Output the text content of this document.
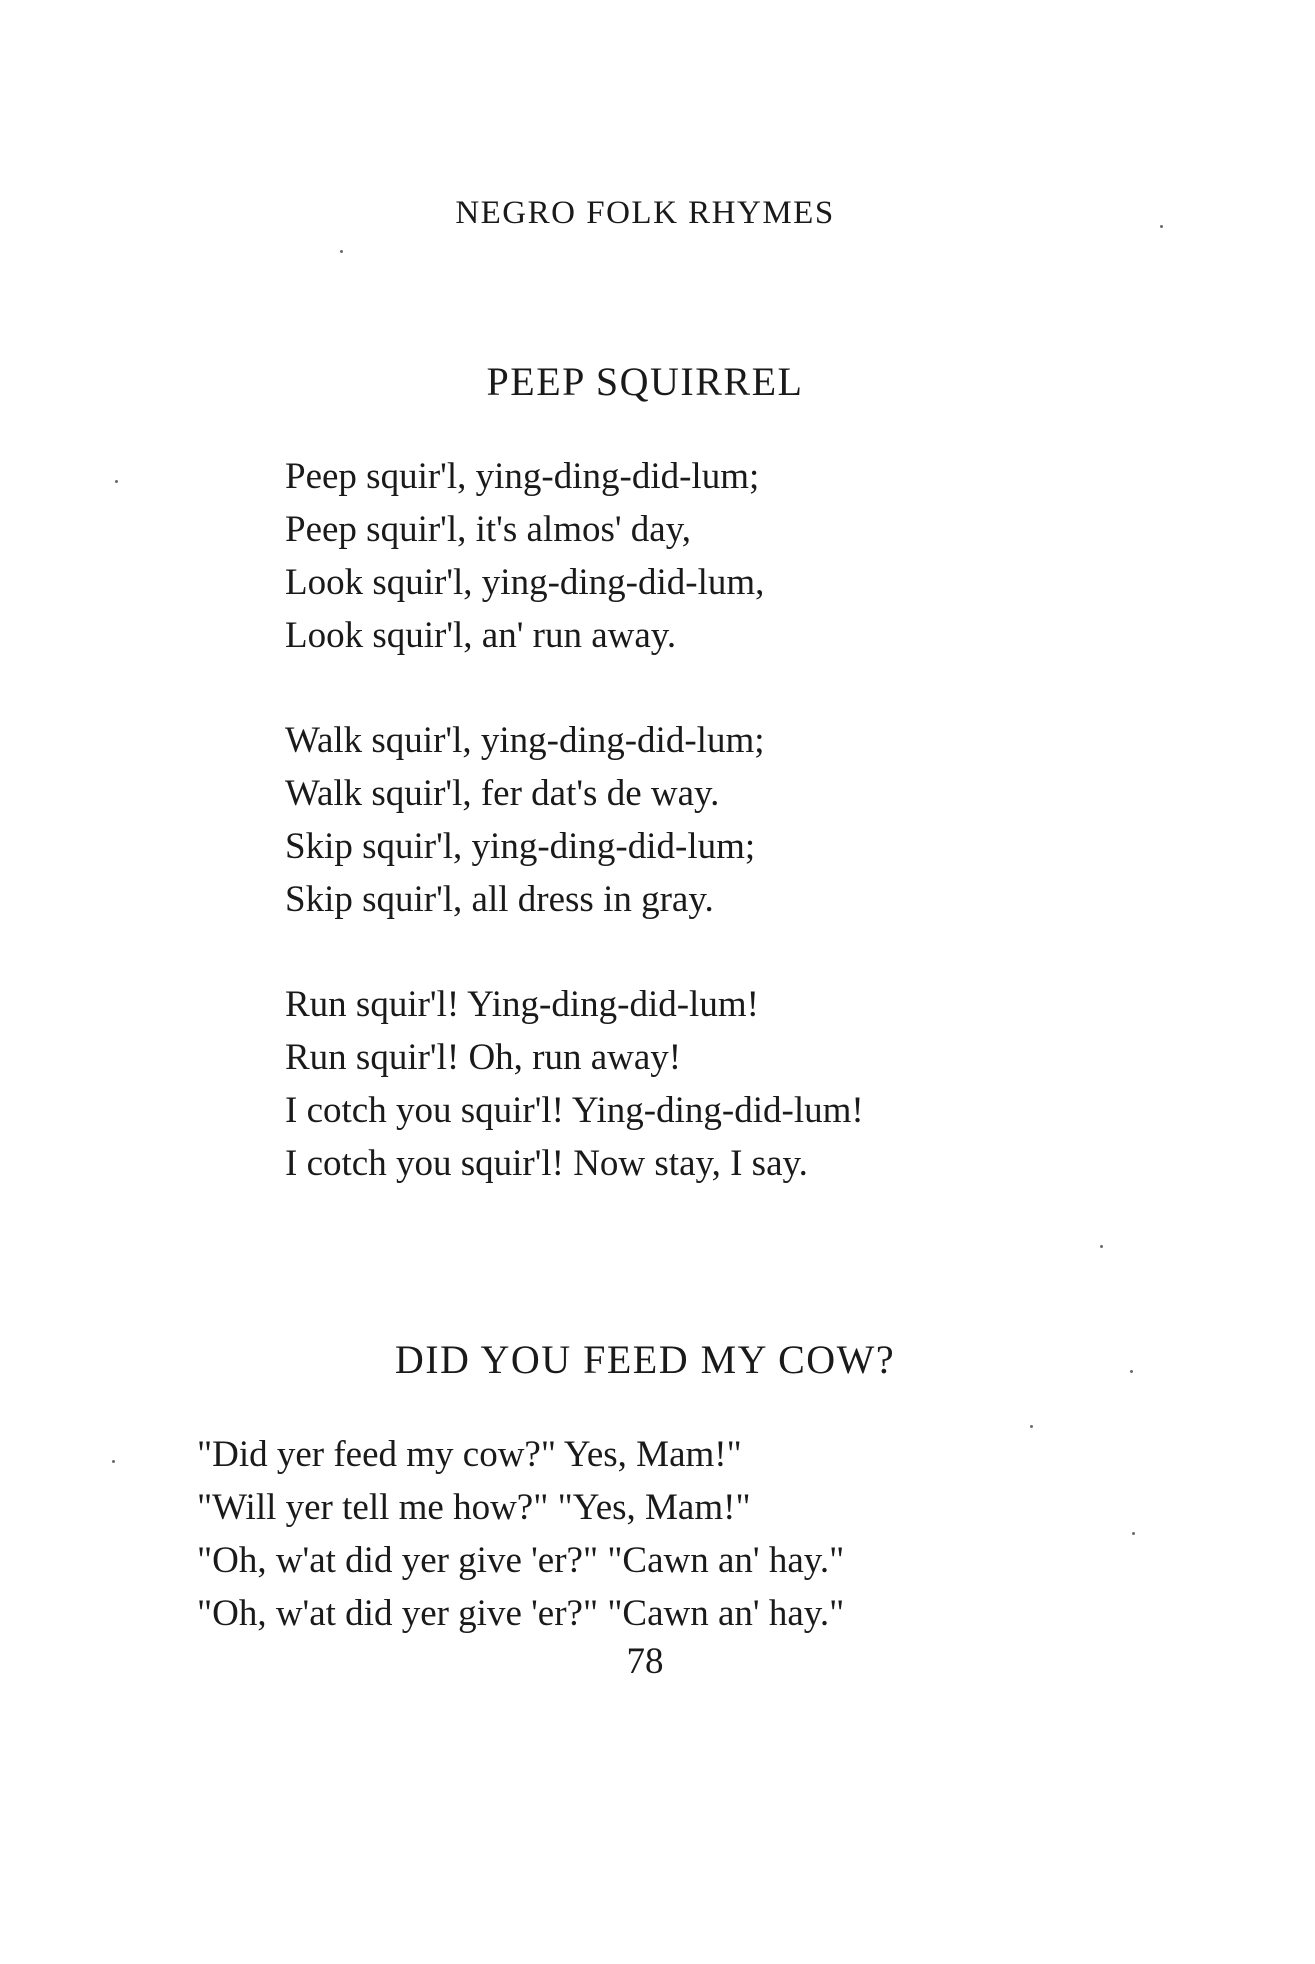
NEGRO FOLK RHYMES
PEEP SQUIRREL
Peep squir'l, ying-ding-did-lum;
Peep squir'l, it's almos' day,
Look squir'l, ying-ding-did-lum,
Look squir'l, an' run away.
Walk squir'l, ying-ding-did-lum;
Walk squir'l, fer dat's de way.
Skip squir'l, ying-ding-did-lum;
Skip squir'l, all dress in gray.
Run squir'l! Ying-ding-did-lum!
Run squir'l! Oh, run away!
I cotch you squir'l! Ying-ding-did-lum!
I cotch you squir'l! Now stay, I say.
DID YOU FEED MY COW?
"Did yer feed my cow?" Yes, Mam!"
"Will yer tell me how?" "Yes, Mam!"
"Oh, w'at did yer give 'er?" "Cawn an' hay."
"Oh, w'at did yer give 'er?" "Cawn an' hay."
78
